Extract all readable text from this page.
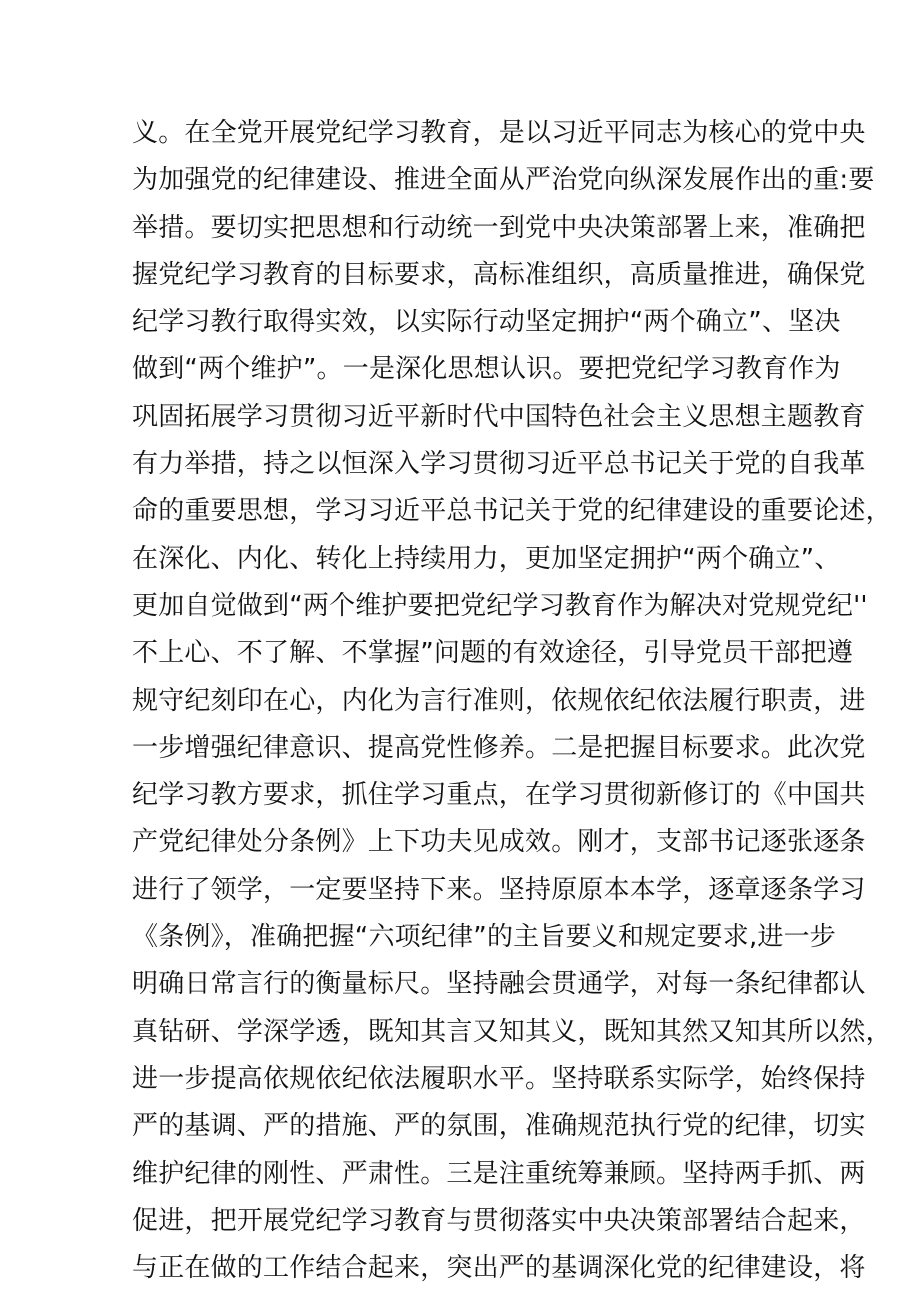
义。在全党开展党纪学习教育，是以习近平同志为核心的党中央
为加强党的纪律建设、推进全面从严治党向纵深发展作出的重:要
举措。要切实把思想和行动统一到党中央决策部署上来，准确把
握党纪学习教育的目标要求，高标准组织，高质量推进，确保党
纪学习教行取得实效，以实际行动坚定拥护“两个确立”、坚决
做到“两个维护”。一是深化思想认识。要把党纪学习教育作为
巩固拓展学习贯彻习近平新时代中国特色社会主义思想主题教育
有力举措，持之以恒深入学习贯彻习近平总书记关于党的自我革
命的重要思想，学习习近平总书记关于党的纪律建设的重要论述，
在深化、内化、转化上持续用力，更加坚定拥护“两个确立”、
更加自觉做到“两个维护要把党纪学习教育作为解决对党规党纪''
不上心、不了解、不掌握”问题的有效途径，引导党员干部把遵
规守纪刻印在心，内化为言行准则，依规依纪依法履行职责，进
一步增强纪律意识、提高党性修养。二是把握目标要求。此次党
纪学习教方要求，抓住学习重点，在学习贯彻新修订的《中国共
产党纪律处分条例》上下功夫见成效。刚才，支部书记逐张逐条
进行了领学，一定要坚持下来。坚持原原本本学，逐章逐条学习
《条例》，准确把握“六项纪律”的主旨要义和规定要求,进一步
明确日常言行的衡量标尺。坚持融会贯通学，对每一条纪律都认
真钻研、学深学透，既知其言又知其义，既知其然又知其所以然，
进一步提高依规依纪依法履职水平。坚持联系实际学，始终保持
严的基调、严的措施、严的氛围，准确规范执行党的纪律，切实
维护纪律的刚性、严肃性。三是注重统筹兼顾。坚持两手抓、两
促进，把开展党纪学习教育与贯彻落实中央决策部署结合起来，
与正在做的工作结合起来，突出严的基调深化党的纪律建设，将
